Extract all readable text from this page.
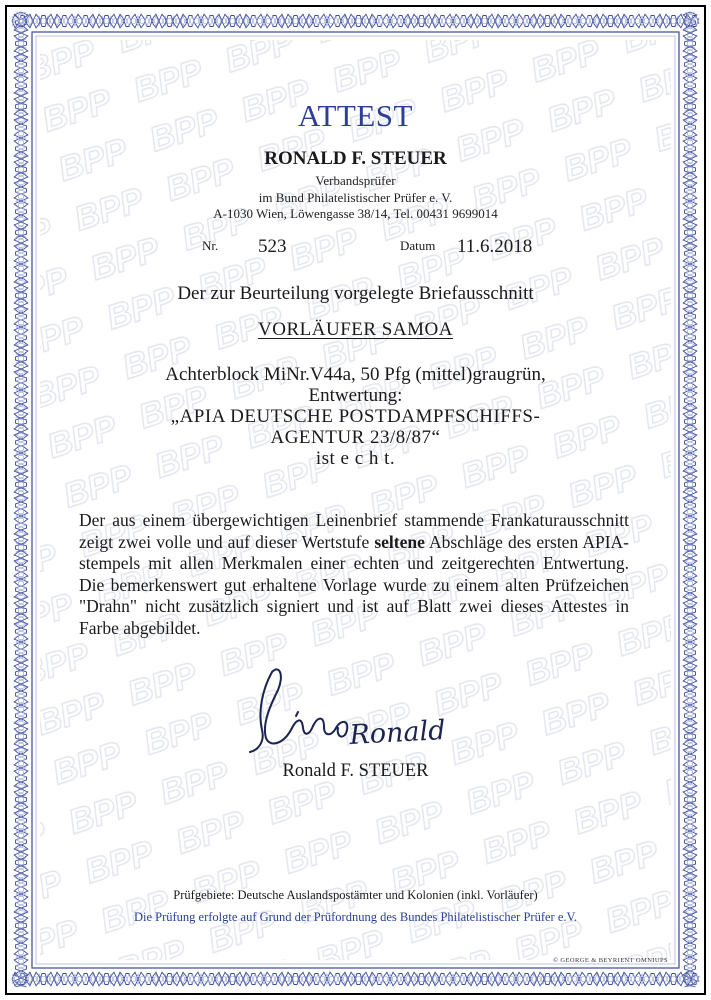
ATTEST
RONALD F. STEUER
Verbandsprüfer
im Bund Philatelistischer Prüfer e. V.
A-1030 Wien, Löwengasse 38/14, Tel. 00431 9699014
Nr. 523	Datum 11.6.2018
Der zur Beurteilung vorgelegte Briefausschnitt
VORLÄUFER SAMOA
Achterblock MiNr.V44a, 50 Pfg (mittel)graugrün,
Entwertung:
„APIA DEUTSCHE POSTDAMPFSCHIFFS-
AGENTUR 23/8/87“
ist e c h t.
Der aus einem übergewichtigen Leinenbrief stammende Frankaturausschnitt zeigt zwei volle und auf dieser Wertstufe seltene Abschläge des ersten APIA-stempels mit allen Merkmalen einer echten und zeitgerechten Entwertung. Die bemerkenswert gut erhaltene Vorlage wurde zu einem alten Prüfzeichen "Drahn" nicht zusätzlich signiert und ist auf Blatt zwei dieses Attestes in Farbe abgebildet.
Ronald
Ronald F. STEUER
Prüfgebiete: Deutsche Auslandspostämter und Kolonien (inkl. Vorläufer)
Die Prüfung erfolgte auf Grund der Prüfordnung des Bundes Philatelistischer Prüfer e.V.
© GEORGE & BEYRIENT OMNIUPS
